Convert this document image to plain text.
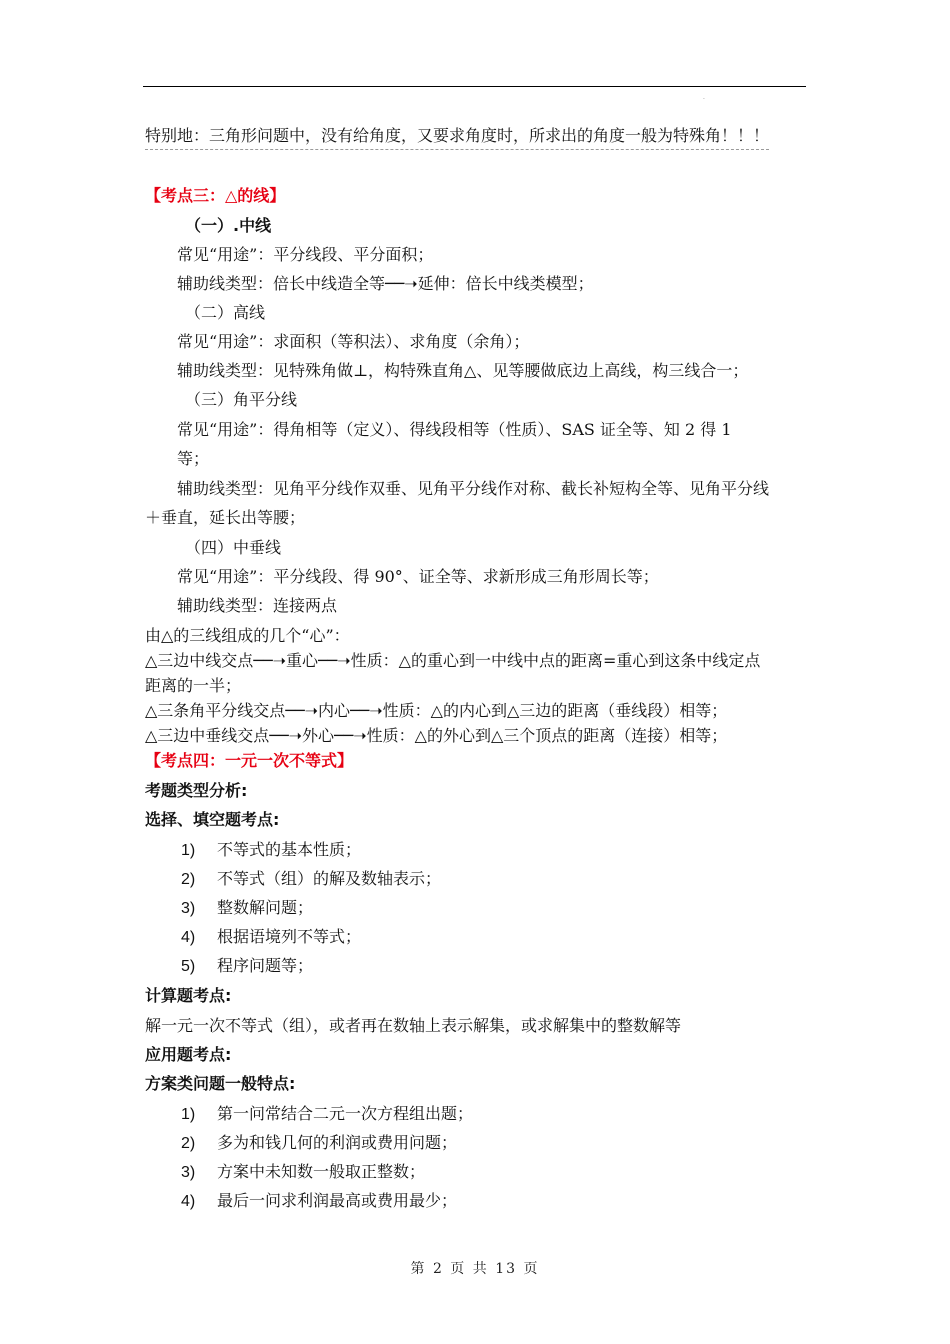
·
特别地：三角形问题中，没有给角度，又要求角度时，所求出的角度一般为特殊角！！！
【考点三：△的线】
（一）.中线
常见“用途”：平分线段、平分面积；
辅助线类型：倍长中线造全等──➝延伸：倍长中线类模型；
（二）高线
常见“用途”：求面积（等积法）、求角度（余角）；
辅助线类型：见特殊角做⊥，构特殊直角△、见等腰做底边上高线，构三线合一；
（三）角平分线
常见“用途”：得角相等（定义）、得线段相等（性质）、SAS 证全等、知 2 得 1
等；
辅助线类型：见角平分线作双垂、见角平分线作对称、截长补短构全等、见角平分线
＋垂直，延长出等腰；
（四）中垂线
常见“用途”：平分线段、得 90°、证全等、求新形成三角形周长等；
辅助线类型：连接两点
由△的三线组成的几个“心”：
△三边中线交点──➝重心──➝性质：△的重心到一中线中点的距离=重心到这条中线定点
距离的一半；
△三条角平分线交点──➝内心──➝性质：△的内心到△三边的距离（垂线段）相等；
△三边中垂线交点──➝外心──➝性质：△的外心到△三个顶点的距离（连接）相等；
【考点四：一元一次不等式】
考题类型分析:
选择、填空题考点:
1) 不等式的基本性质；
2) 不等式（组）的解及数轴表示；
3) 整数解问题；
4) 根据语境列不等式；
5) 程序问题等；
计算题考点:
解一元一次不等式（组），或者再在数轴上表示解集，或求解集中的整数解等
应用题考点:
方案类问题一般特点:
1) 第一问常结合二元一次方程组出题；
2) 多为和钱几何的利润或费用问题；
3) 方案中未知数一般取正整数；
4) 最后一问求利润最高或费用最少；
第 2 页 共 13 页
